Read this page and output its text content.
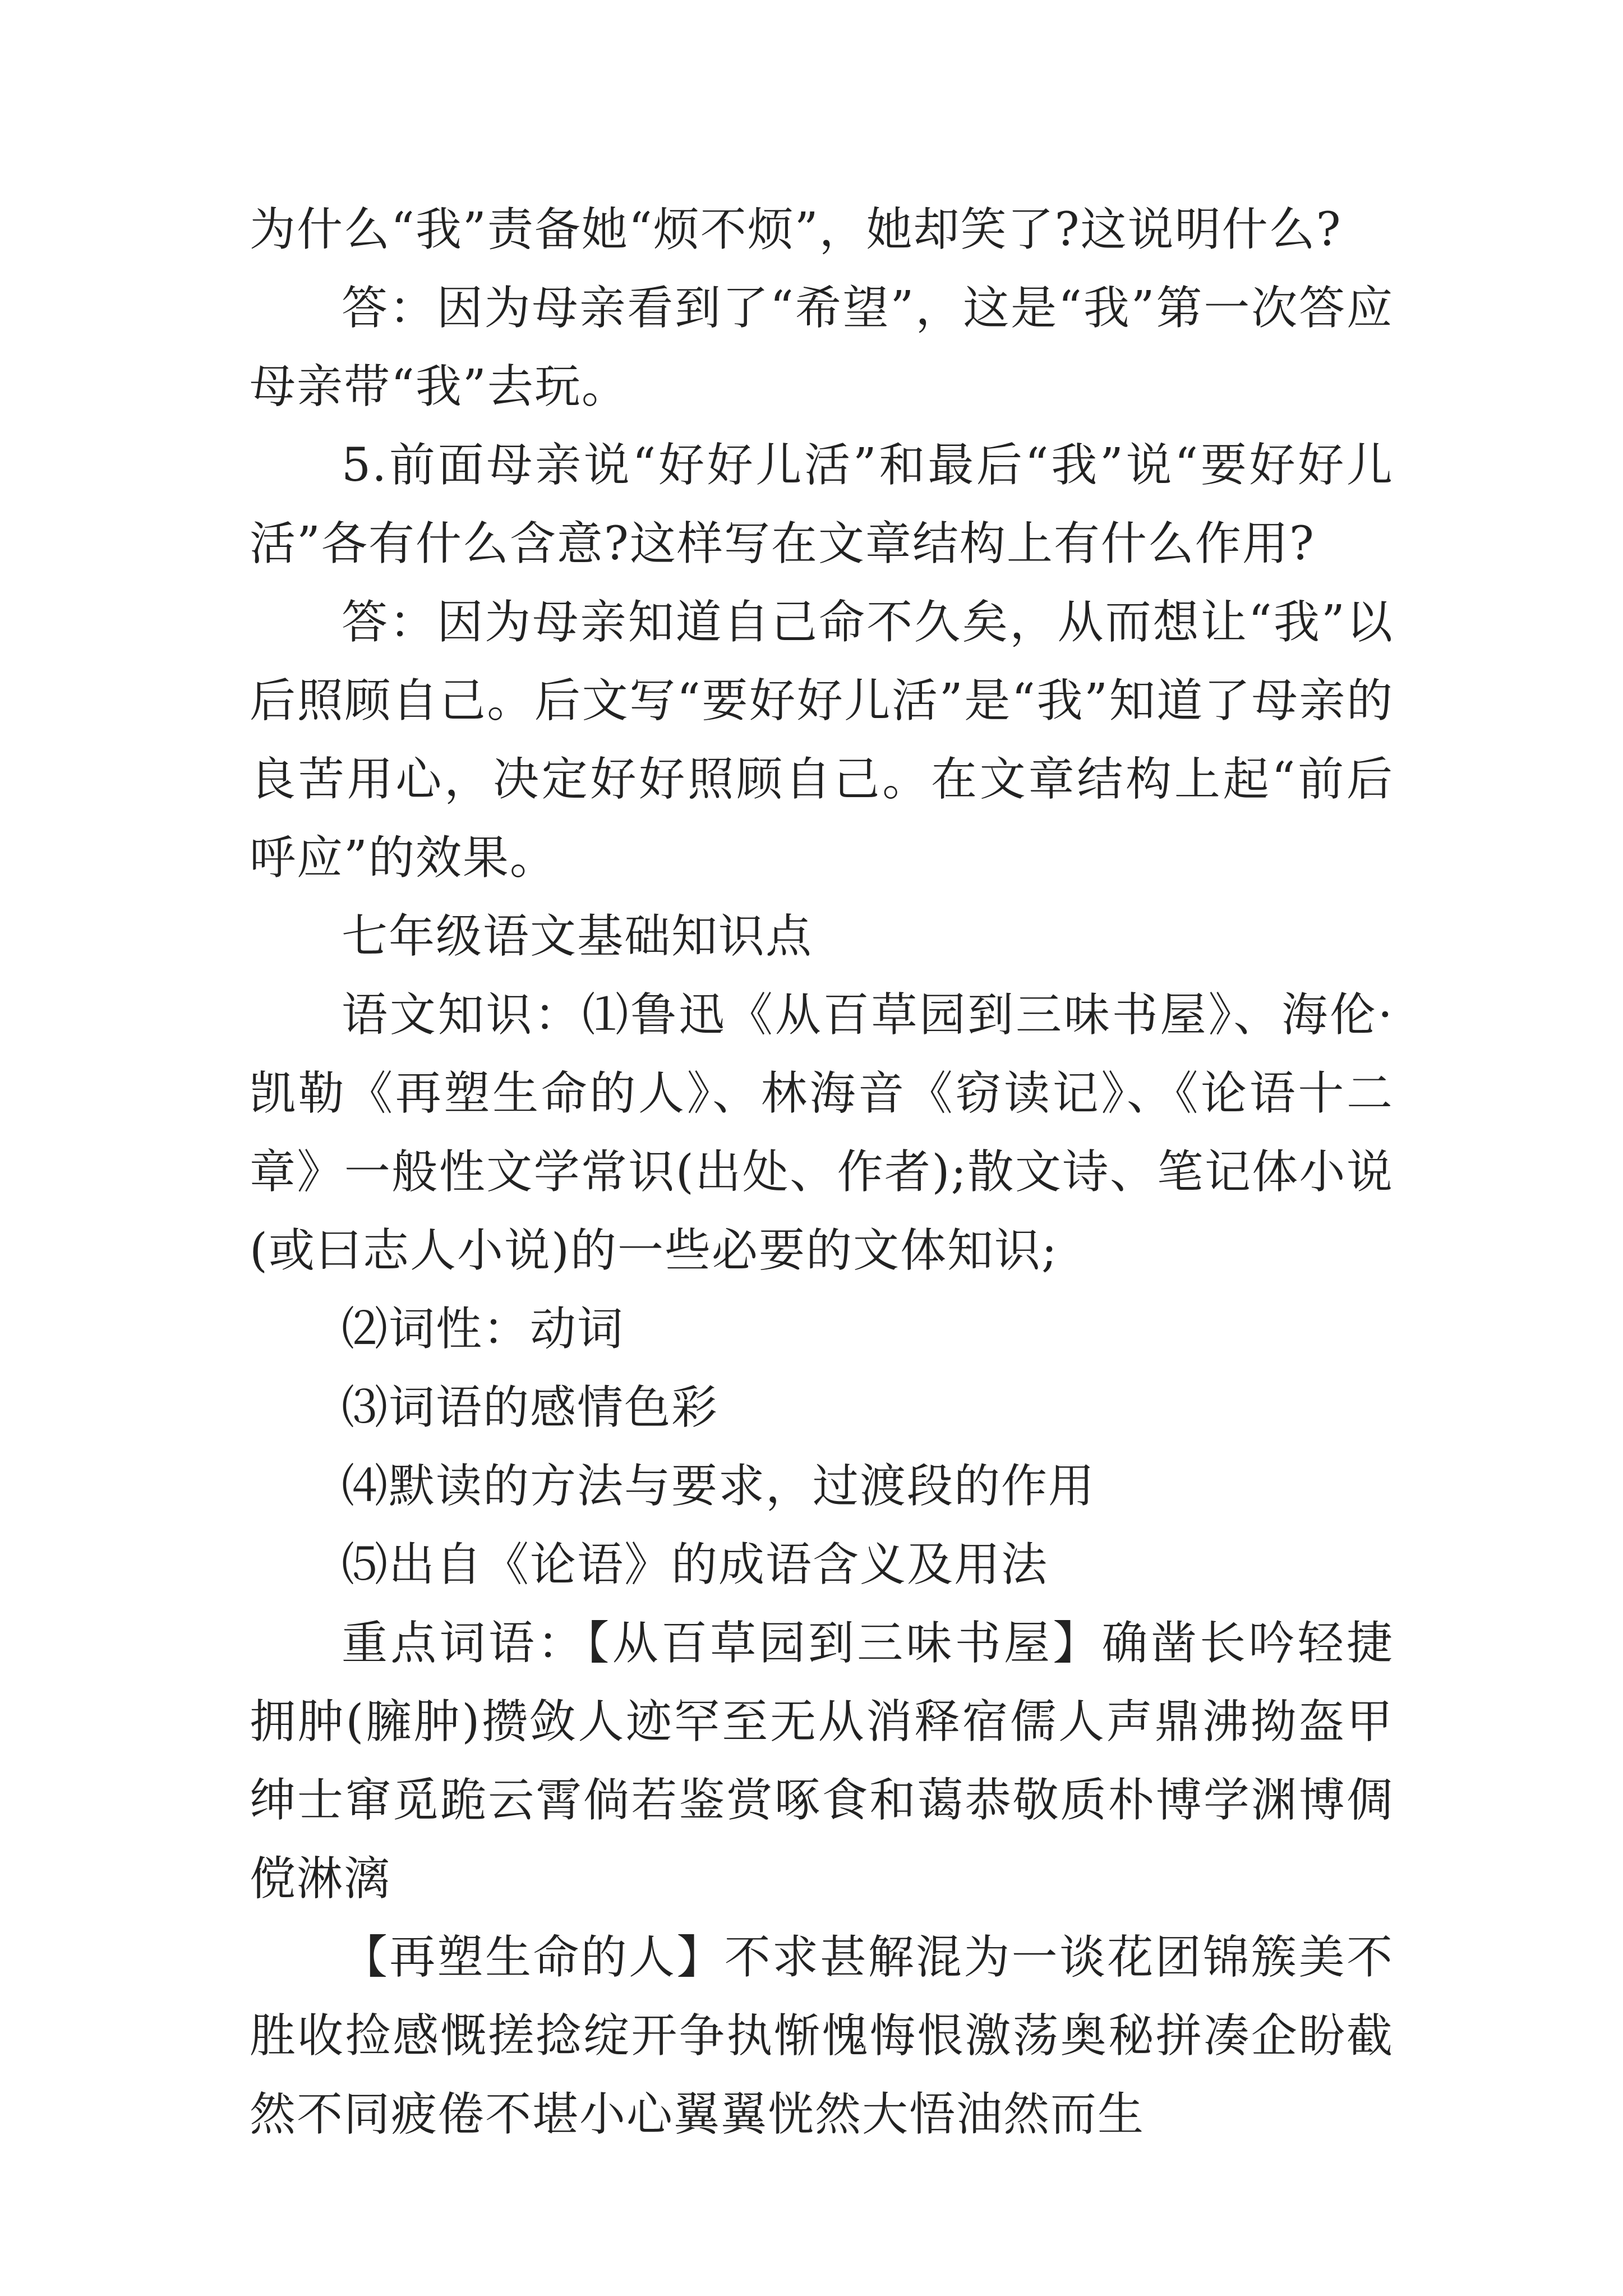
为什么“我”责备她“烦不烦”，她却笑了?这说明什么?

答：因为母亲看到了“希望”，这是“我”第一次答应母亲带“我”去玩。

5.前面母亲说“好好儿活”和最后“我”说“要好好儿活”各有什么含意?这样写在文章结构上有什么作用?

答：因为母亲知道自己命不久矣，从而想让“我”以后照顾自己。后文写“要好好儿活”是“我”知道了母亲的良苦用心，决定好好照顾自己。在文章结构上起“前后呼应”的效果。

七年级语文基础知识点

语文知识：⑴鲁迅《从百草园到三味书屋》、海伦·凯勒《再塑生命的人》、林海音《窃读记》、《论语十二章》一般性文学常识(出处、作者);散文诗、笔记体小说(或曰志人小说)的一些必要的文体知识;

⑵词性：动词

⑶词语的感情色彩

⑷默读的方法与要求，过渡段的作用

⑸出自《论语》的成语含义及用法

重点词语：【从百草园到三味书屋】确凿长吟轻捷拥肿(臃肿)攒敛人迹罕至无从消释宿儒人声鼎沸拗盔甲绅士窜觅跪云霄倘若鉴赏啄食和蔼恭敬质朴博学渊博倜傥淋漓

【再塑生命的人】不求甚解混为一谈花团锦簇美不胜收捡感慨搓捻绽开争执惭愧悔恨激荡奥秘拼凑企盼截然不同疲倦不堪小心翼翼恍然大悟油然而生
